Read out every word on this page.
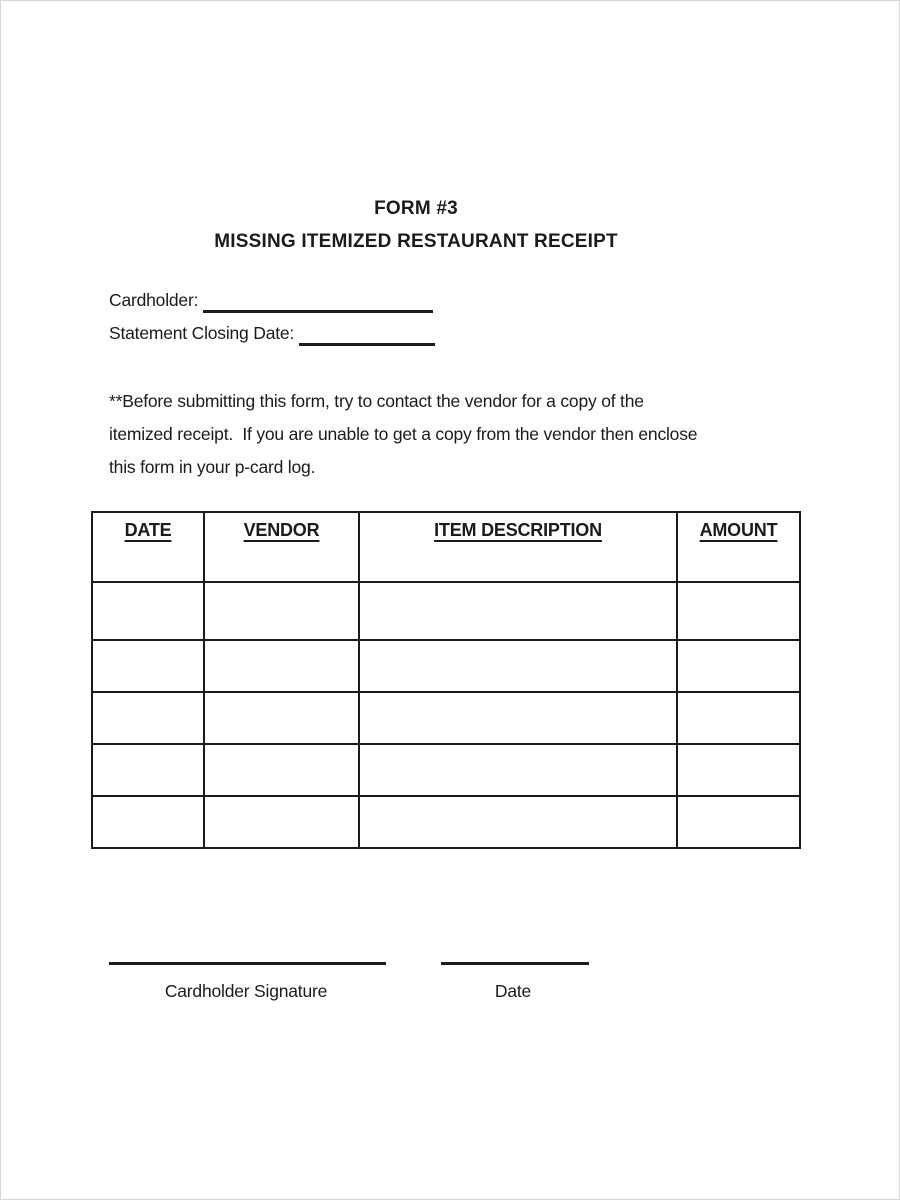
FORM #3
MISSING ITEMIZED RESTAURANT RECEIPT
Cardholder:
Statement Closing Date:
**Before submitting this form, try to contact the vendor for a copy of the
itemized receipt.  If you are unable to get a copy from the vendor then enclose
this form in your p-card log.
DATE	VENDOR	ITEM DESCRIPTION	AMOUNT

Cardholder Signature	Date
